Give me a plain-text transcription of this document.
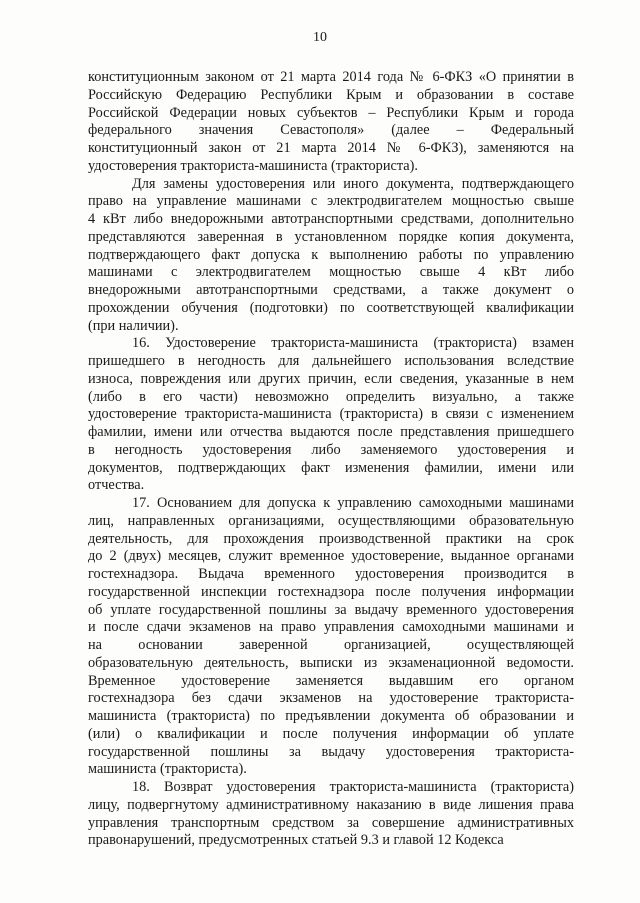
10
конституционным законом от 21 марта 2014 года № 6-ФКЗ «О принятии в
Российскую Федерацию Республики Крым и образовании в составе
Российской Федерации новых субъектов – Республики Крым и города
федерального значения Севастополя» (далее – Федеральный
конституционный закон от 21 марта 2014 № 6-ФКЗ), заменяются на
удостоверения тракториста-машиниста (тракториста).
Для замены удостоверения или иного документа, подтверждающего
право на управление машинами с электродвигателем мощностью свыше
4 кВт либо внедорожными автотранспортными средствами, дополнительно
представляются заверенная в установленном порядке копия документа,
подтверждающего факт допуска к выполнению работы по управлению
машинами с электродвигателем мощностью свыше 4 кВт либо
внедорожными автотранспортными средствами, а также документ о
прохождении обучения (подготовки) по соответствующей квалификации
(при наличии).
16. Удостоверение тракториста-машиниста (тракториста) взамен
пришедшего в негодность для дальнейшего использования вследствие
износа, повреждения или других причин, если сведения, указанные в нем
(либо в его части) невозможно определить визуально, а также
удостоверение тракториста-машиниста (тракториста) в связи с изменением
фамилии, имени или отчества выдаются после представления пришедшего
в негодность удостоверения либо заменяемого удостоверения и
документов, подтверждающих факт изменения фамилии, имени или
отчества.
17. Основанием для допуска к управлению самоходными машинами
лиц, направленных организациями, осуществляющими образовательную
деятельность, для прохождения производственной практики на срок
до 2 (двух) месяцев, служит временное удостоверение, выданное органами
гостехнадзора. Выдача временного удостоверения производится в
государственной инспекции гостехнадзора после получения информации
об уплате государственной пошлины за выдачу временного удостоверения
и после сдачи экзаменов на право управления самоходными машинами и
на основании заверенной организацией, осуществляющей
образовательную деятельность, выписки из экзаменационной ведомости.
Временное удостоверение заменяется выдавшим его органом
гостехнадзора без сдачи экзаменов на удостоверение тракториста-
машиниста (тракториста) по предъявлении документа об образовании и
(или) о квалификации и после получения информации об уплате
государственной пошлины за выдачу удостоверения тракториста-
машиниста (тракториста).
18. Возврат удостоверения тракториста-машиниста (тракториста)
лицу, подвергнутому административному наказанию в виде лишения права
управления транспортным средством за совершение административных
правонарушений, предусмотренных статьей 9.3 и главой 12 Кодекса
